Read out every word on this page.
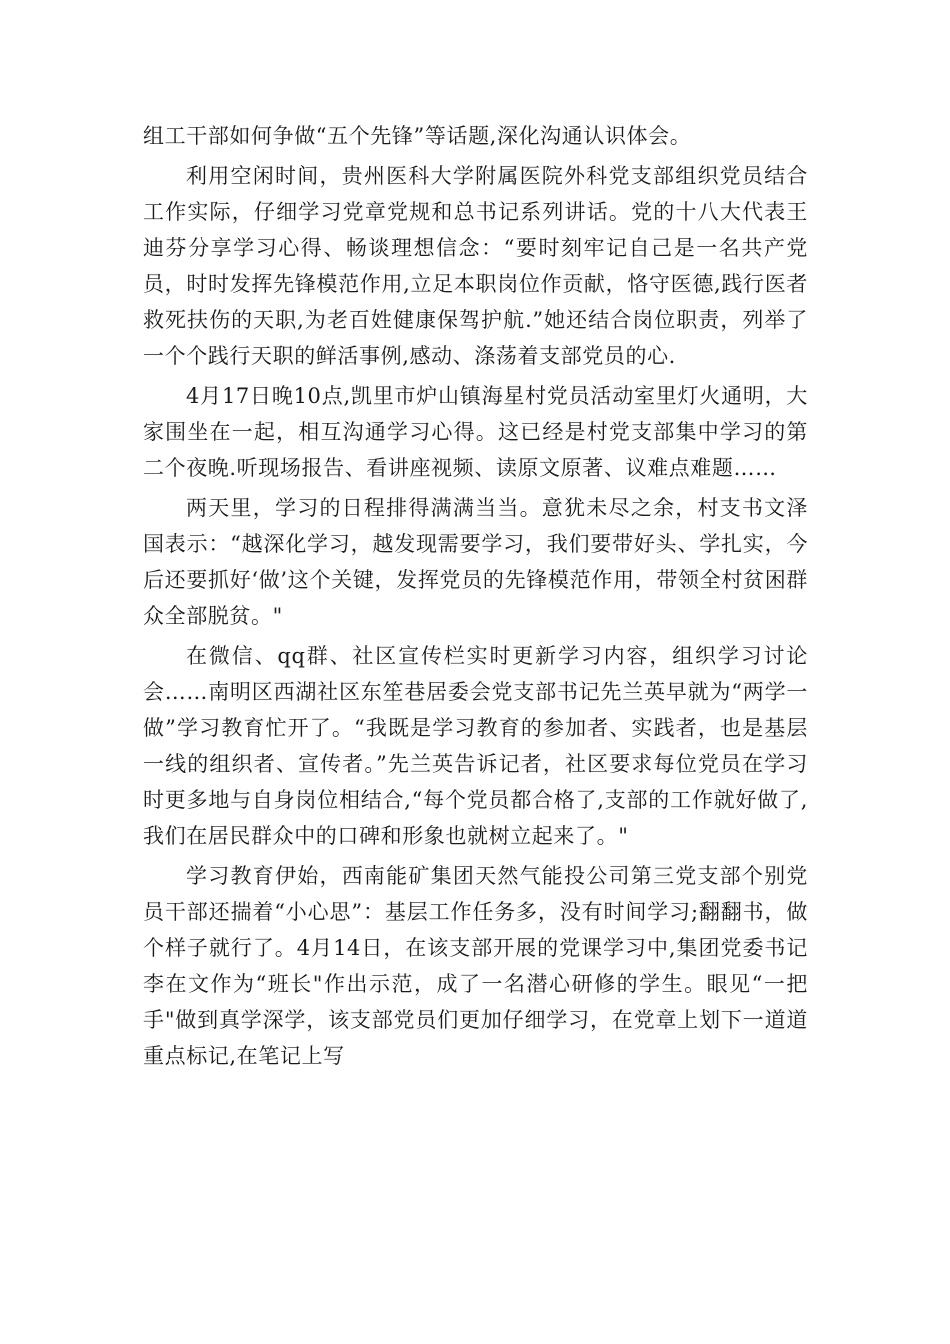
组工干部如何争做“五个先锋”等话题,深化沟通认识体会。

利用空闲时间，贵州医科大学附属医院外科党支部组织党员结合工作实际，仔细学习党章党规和总书记系列讲话。党的十八大代表王迪芬分享学习心得、畅谈理想信念：“要时刻牢记自己是一名共产党员，时时发挥先锋模范作用,立足本职岗位作贡献，恪守医德,践行医者救死扶伤的天职,为老百姓健康保驾护航.”她还结合岗位职责，列举了一个个践行天职的鲜活事例,感动、涤荡着支部党员的心.

4月17日晚10点,凯里市炉山镇海星村党员活动室里灯火通明，大家围坐在一起，相互沟通学习心得。这已经是村党支部集中学习的第二个夜晚.听现场报告、看讲座视频、读原文原著、议难点难题……

两天里，学习的日程排得满满当当。意犹未尽之余，村支书文泽国表示：“越深化学习，越发现需要学习，我们要带好头、学扎实，今后还要抓好‘做’这个关键，发挥党员的先锋模范作用，带领全村贫困群众全部脱贫。"

在微信、qq群、社区宣传栏实时更新学习内容，组织学习讨论会……南明区西湖社区东笙巷居委会党支部书记先兰英早就为“两学一做”学习教育忙开了。“我既是学习教育的参加者、实践者，也是基层一线的组织者、宣传者。”先兰英告诉记者，社区要求每位党员在学习时更多地与自身岗位相结合,“每个党员都合格了,支部的工作就好做了,我们在居民群众中的口碑和形象也就树立起来了。"

学习教育伊始，西南能矿集团天然气能投公司第三党支部个别党员干部还揣着“小心思”：基层工作任务多，没有时间学习;翻翻书，做个样子就行了。4月14日，在该支部开展的党课学习中,集团党委书记李在文作为“班长"作出示范，成了一名潜心研修的学生。眼见“一把手"做到真学深学，该支部党员们更加仔细学习，在党章上划下一道道重点标记,在笔记上写
